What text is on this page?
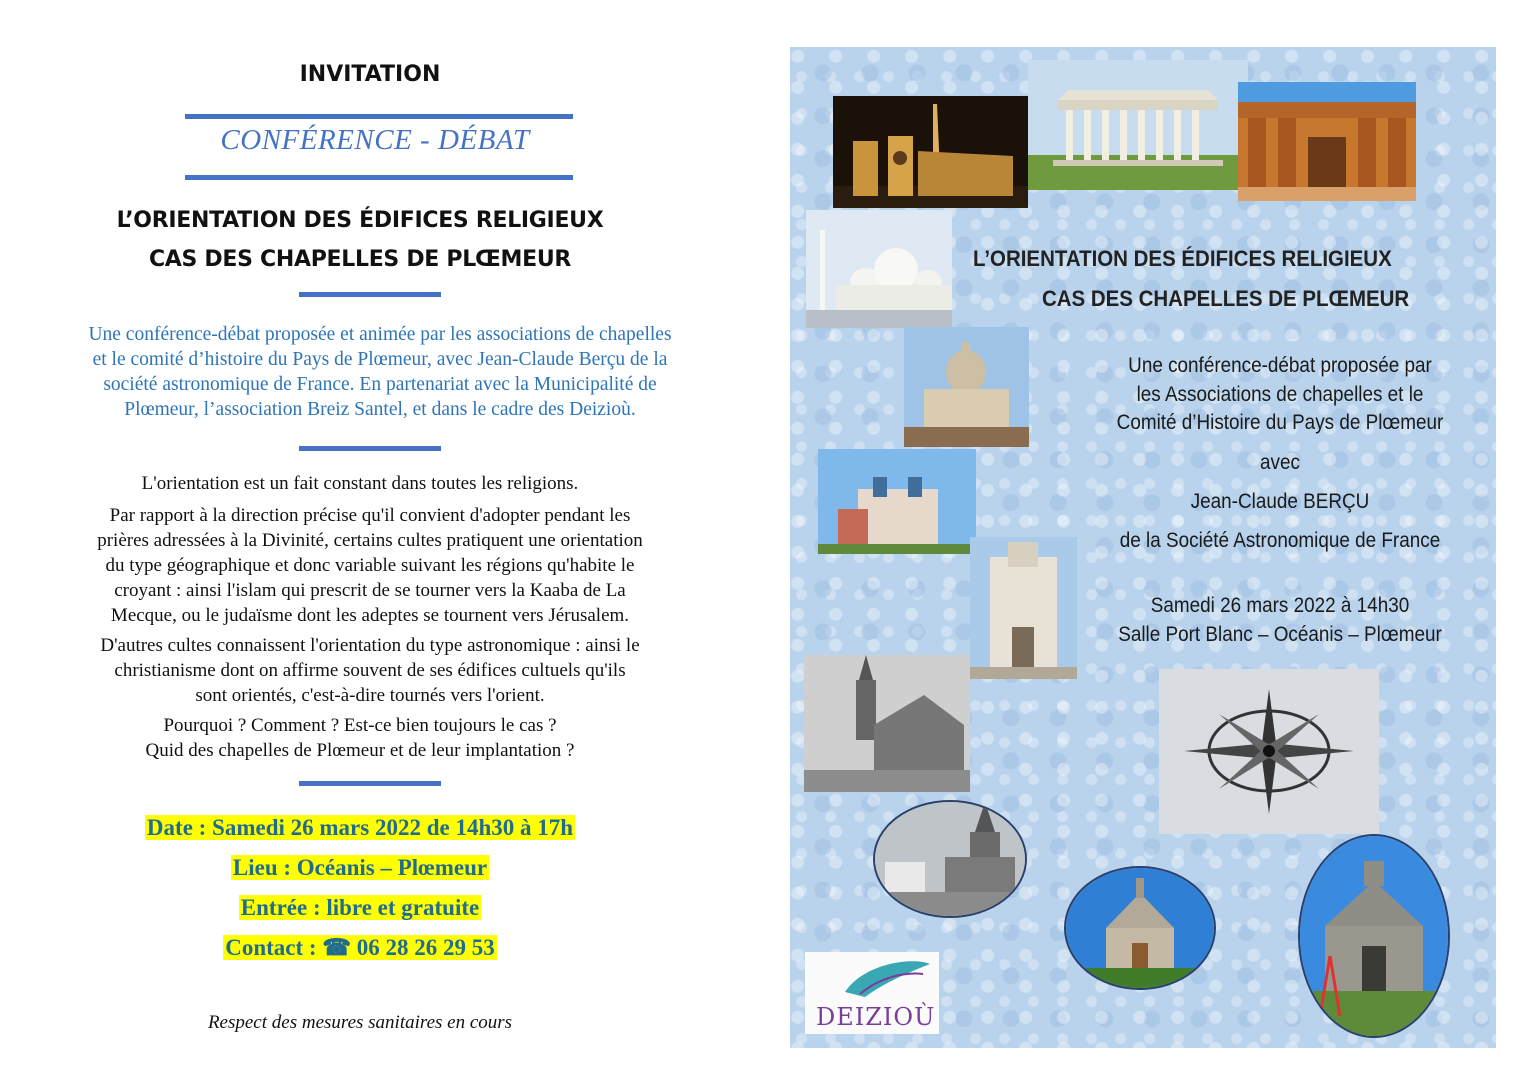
INVITATION
CONFÉRENCE - DÉBAT
L’ORIENTATION DES ÉDIFICES RELIGIEUX
CAS DES CHAPELLES DE PLŒMEUR
Une conférence-débat proposée et animée par les associations de chapelles
et le comité d’histoire du Pays de Plœmeur, avec Jean-Claude Berçu de la
société astronomique de France. En partenariat avec la Municipalité de
Plœmeur, l’association Breiz Santel, et dans le cadre des Deizioù.
L'orientation est un fait constant dans toutes les religions.
Par rapport à la direction précise qu'il convient d'adopter pendant les
prières adressées à la Divinité, certains cultes pratiquent une orientation
du type géographique et donc variable suivant les régions qu'habite le
croyant : ainsi l'islam qui prescrit de se tourner vers la Kaaba de La
Mecque, ou le judaïsme dont les adeptes se tournent vers Jérusalem.
D'autres cultes connaissent l'orientation du type astronomique : ainsi le
christianisme dont on affirme souvent de ses édifices cultuels qu'ils
sont orientés, c'est-à-dire tournés vers l'orient.
Pourquoi ? Comment ? Est-ce bien toujours le cas ?
Quid des chapelles de Plœmeur et de leur implantation ?
Date : Samedi 26 mars 2022 de 14h30 à 17h
Lieu : Océanis – Plœmeur
Entrée : libre et gratuite
Contact : ☎ 06 28 26 29 53
Respect des mesures sanitaires en cours
L’ORIENTATION DES ÉDIFICES RELIGIEUX
CAS DES CHAPELLES DE PLŒMEUR
Une conférence-débat proposée par
les Associations de chapelles et le
Comité d’Histoire du Pays de Plœmeur
avec
Jean-Claude BERÇU
de la Société Astronomique de France
Samedi 26 mars 2022 à 14h30
Salle Port Blanc – Océanis – Plœmeur
DEIZIOÙ
